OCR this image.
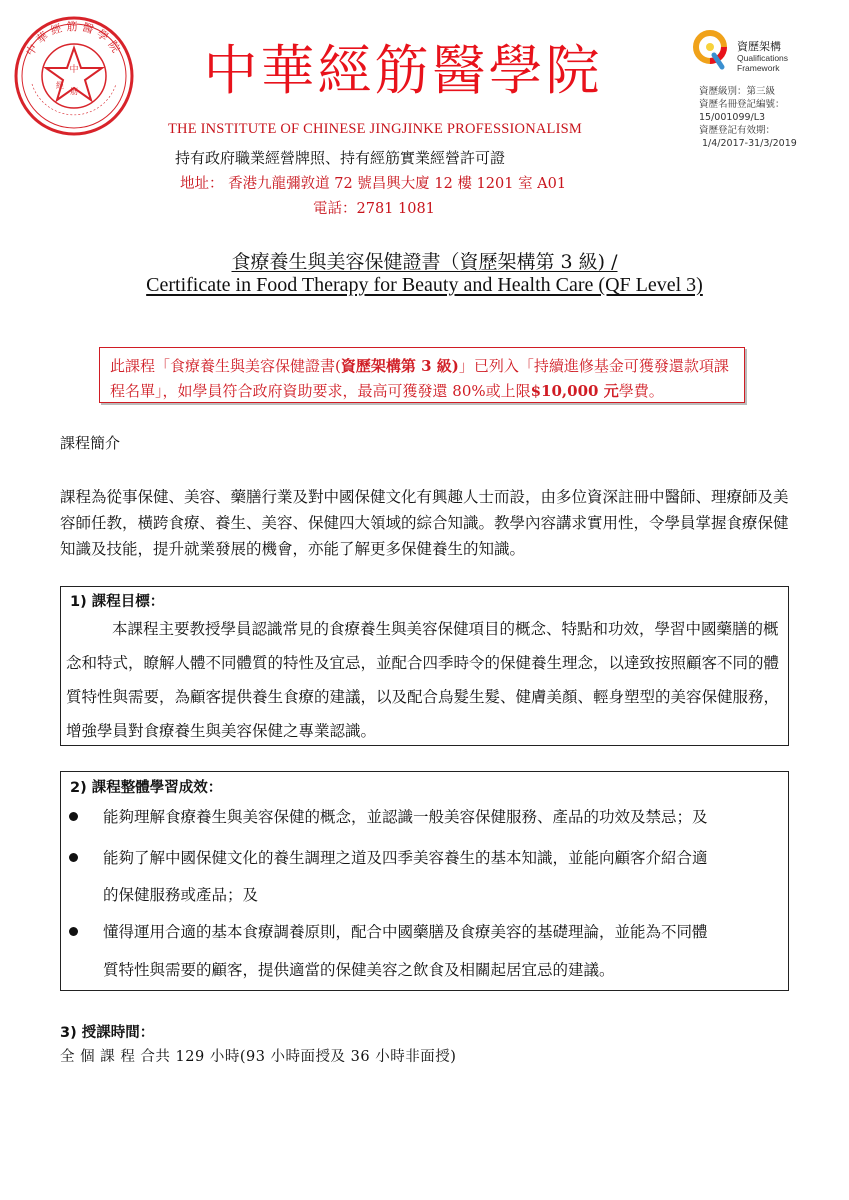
中
經
筋
中華經筋醫學院	中華經筋醫學院
THE INSTITUTE OF CHINESE JINGJINKE PROFESSIONALISM
持有政府職業經營牌照、持有經筋實業經營許可證
地址： 香港九龍彌敦道 72 號昌興大廈 12 樓 1201 室 A01
電話：2781 1081
資歷架構
Qualifications
Framework
資歷級別：第三級
資歷名冊登記編號：
15/001099/L3
資歷登記有效期：
1/4/2017-31/3/2019
食療養生與美容保健證書（資歷架構第 3 級) /
Certificate in Food Therapy for Beauty and Health Care (QF Level 3)
此課程「食療養生與美容保健證書(資歷架構第 3 級)」已列入「持續進修基金可獲發還款項課程名單」，如學員符合政府資助要求，最高可獲發還 80%或上限$10,000 元學費。
課程簡介
課程為從事保健、美容、藥膳行業及對中國保健文化有興趣人士而設，由多位資深註冊中醫師、理療師及美容師任教，橫跨食療、養生、美容、保健四大領域的綜合知識。教學內容講求實用性，令學員掌握食療保健知識及技能，提升就業發展的機會，亦能了解更多保健養生的知識。
1) 課程目標：
本課程主要教授學員認識常見的食療養生與美容保健項目的概念、特點和功效，學習中國藥膳的概念和特式，瞭解人體不同體質的特性及宜忌，並配合四季時令的保健養生理念，以達致按照顧客不同的體質特性與需要，為顧客提供養生食療的建議，以及配合烏髮生髮、健膚美顏、輕身塑型的美容保健服務，增強學員對食療養生與美容保健之專業認識。
2) 課程整體學習成效：
能夠理解食療養生與美容保健的概念，並認識一般美容保健服務、產品的功效及禁忌；及
能夠了解中國保健文化的養生調理之道及四季美容養生的基本知識，並能向顧客介紹合適
的保健服務或產品；及
懂得運用合適的基本食療調養原則，配合中國藥膳及食療美容的基礎理論，並能為不同體
質特性與需要的顧客，提供適當的保健美容之飲食及相關起居宜忌的建議。
3) 授課時間：
全 個 課 程 合共 129 小時(93 小時面授及 36 小時非面授)
